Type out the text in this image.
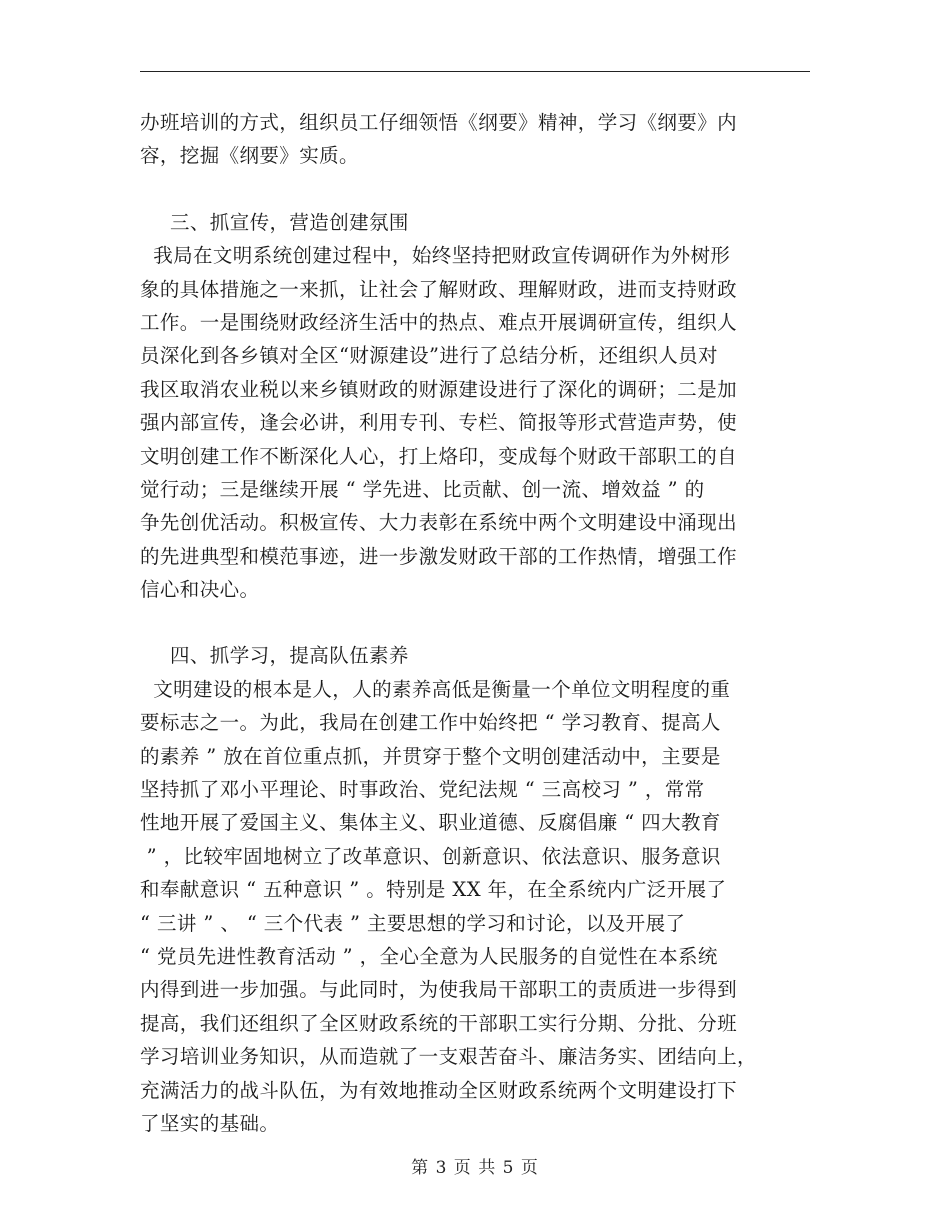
办班培训的方式，组织员工仔细领悟《纲要》精神，学习《纲要》内
容，挖掘《纲要》实质。

三、抓宣传，营造创建氛围

我局在文明系统创建过程中，始终坚持把财政宣传调研作为外树形
象的具体措施之一来抓，让社会了解财政、理解财政，进而支持财政
工作。一是围绕财政经济生活中的热点、难点开展调研宣传，组织人
员深化到各乡镇对全区“财源建设”进行了总结分析，还组织人员对
我区取消农业税以来乡镇财政的财源建设进行了深化的调研；二是加
强内部宣传，逢会必讲，利用专刊、专栏、简报等形式营造声势，使
文明创建工作不断深化人心，打上烙印，变成每个财政干部职工的自
觉行动；三是继续开展 “ 学先进、比贡献、创一流、增效益 ” 的
争先创优活动。积极宣传、大力表彰在系统中两个文明建设中涌现出
的先进典型和模范事迹，进一步激发财政干部的工作热情，增强工作
信心和决心。

四、抓学习，提高队伍素养

文明建设的根本是人，人的素养高低是衡量一个单位文明程度的重
要标志之一。为此，我局在创建工作中始终把 “ 学习教育、提高人
的素养 ” 放在首位重点抓，并贯穿于整个文明创建活动中，主要是
坚持抓了邓小平理论、时事政治、党纪法规 “ 三高校习 ” ，常常
性地开展了爱国主义、集体主义、职业道德、反腐倡廉 “ 四大教育
” ，比较牢固地树立了改革意识、创新意识、依法意识、服务意识
和奉献意识 “ 五种意识 ” 。特别是 XX 年，在全系统内广泛开展了
“ 三讲 ” 、 “ 三个代表 ” 主要思想的学习和讨论，以及开展了
“ 党员先进性教育活动 ” ，全心全意为人民服务的自觉性在本系统
内得到进一步加强。与此同时，为使我局干部职工的责质进一步得到
提高，我们还组织了全区财政系统的干部职工实行分期、分批、分班
学习培训业务知识，从而造就了一支艰苦奋斗、廉洁务实、团结向上，
充满活力的战斗队伍，为有效地推动全区财政系统两个文明建设打下
了坚实的基础。

第 3 页 共 5 页
